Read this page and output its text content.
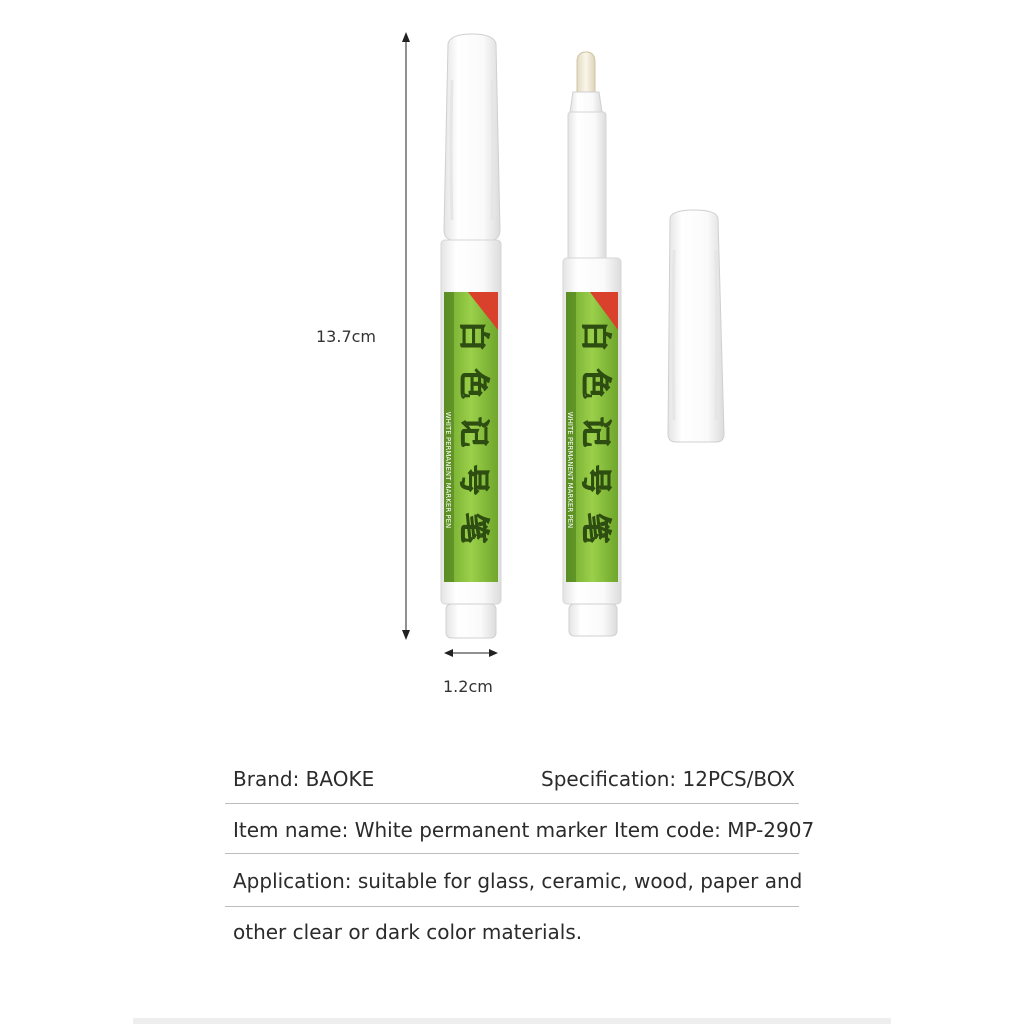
白
色
记
号
笔
WHITE PERMANENT MARKER PEN
白
色
记
号
笔
WHITE PERMANENT MARKER PEN
13.7cm
1.2cm
Brand: BAOKE	Specification: 12PCS/BOX
Item name: White permanent marker Item code: MP-2907
Application: suitable for glass, ceramic, wood, paper and
other clear or dark color materials.
